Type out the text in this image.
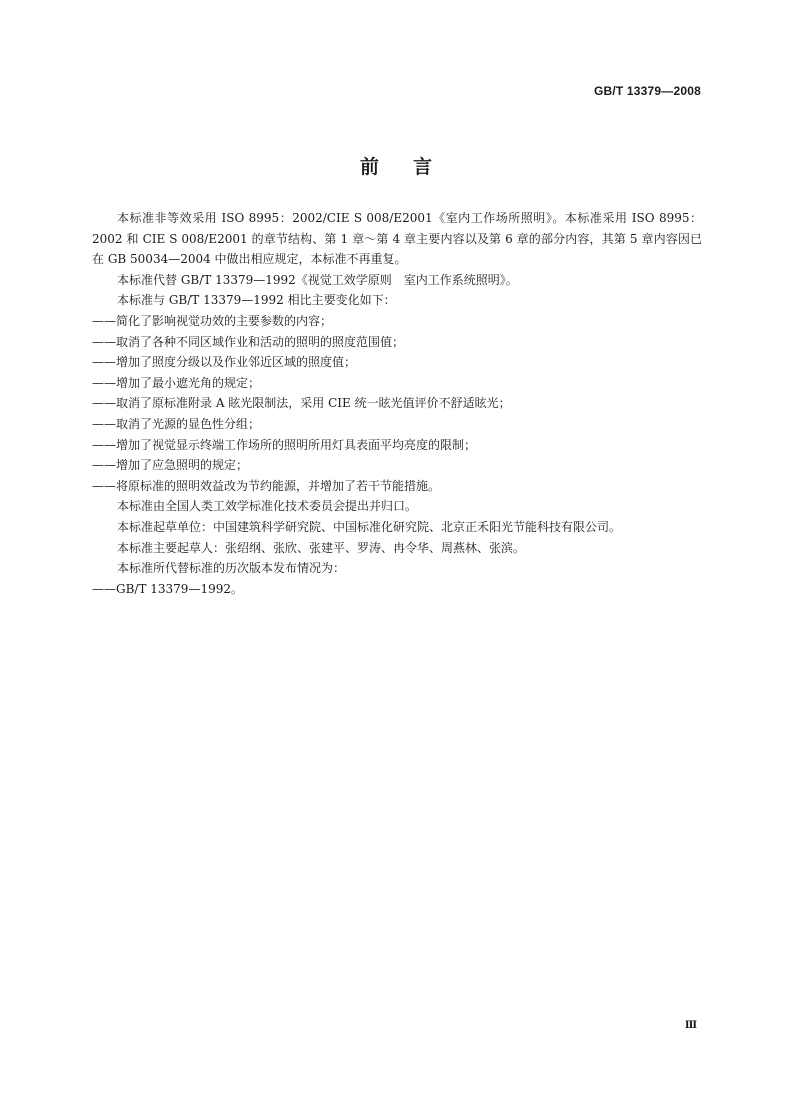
GB/T 13379—2008
前言

本标准非等效采用 ISO 8995：2002/CIE S 008/E2001《室内工作场所照明》。本标准采用 ISO 8995：2002 和 CIE S 008/E2001 的章节结构、第 1 章～第 4 章主要内容以及第 6 章的部分内容，其第 5 章内容因已在 GB 50034—2004 中做出相应规定，本标准不再重复。

本标准代替 GB/T 13379—1992《视觉工效学原则　室内工作系统照明》。

本标准与 GB/T 13379—1992 相比主要变化如下：

——简化了影响视觉功效的主要参数的内容；

——取消了各种不同区域作业和活动的照明的照度范围值；

——增加了照度分级以及作业邻近区域的照度值；

——增加了最小遮光角的规定；

——取消了原标准附录 A 眩光限制法，采用 CIE 统一眩光值评价不舒适眩光；

——取消了光源的显色性分组；

——增加了视觉显示终端工作场所的照明所用灯具表面平均亮度的限制；

——增加了应急照明的规定；

——将原标准的照明效益改为节约能源，并增加了若干节能措施。

本标准由全国人类工效学标准化技术委员会提出并归口。

本标准起草单位：中国建筑科学研究院、中国标准化研究院、北京正禾阳光节能科技有限公司。

本标准主要起草人：张绍纲、张欣、张建平、罗涛、冉令华、周燕林、张滨。

本标准所代替标准的历次版本发布情况为：

——GB/T 13379—1992。

Ⅲ
